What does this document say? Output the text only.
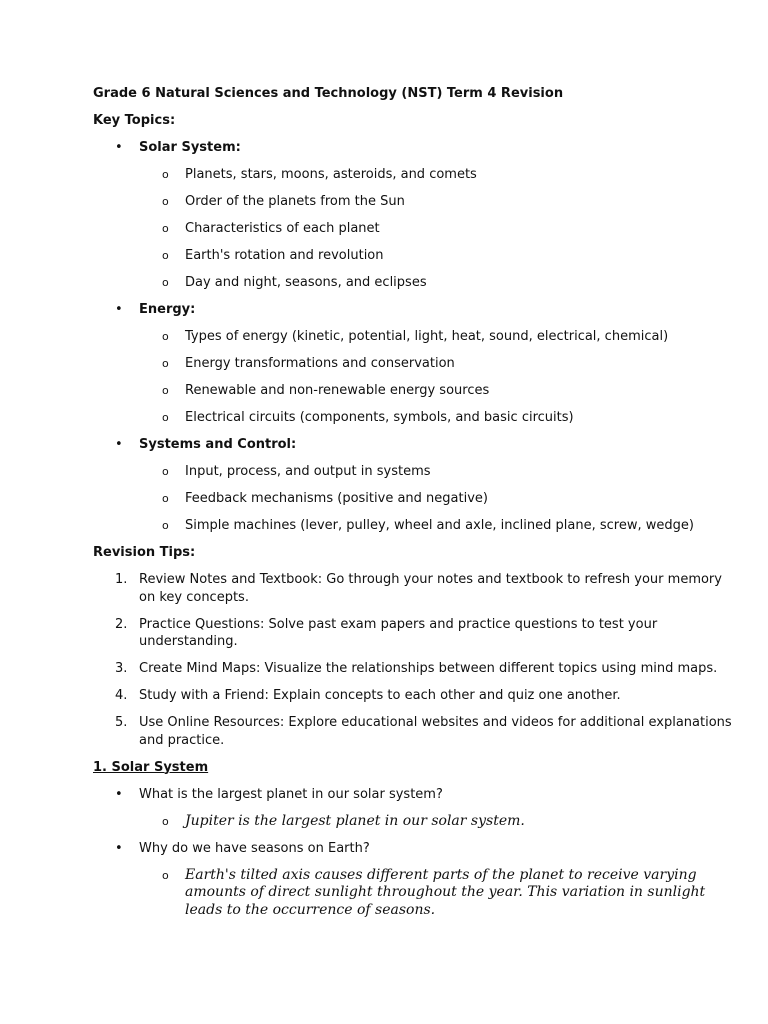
Grade 6 Natural Sciences and Technology (NST) Term 4 Revision
Key Topics:
• Solar System:
o Planets, stars, moons, asteroids, and comets
o Order of the planets from the Sun
o Characteristics of each planet
o Earth's rotation and revolution
o Day and night, seasons, and eclipses
• Energy:
o Types of energy (kinetic, potential, light, heat, sound, electrical, chemical)
o Energy transformations and conservation
o Renewable and non-renewable energy sources
o Electrical circuits (components, symbols, and basic circuits)
• Systems and Control:
o Input, process, and output in systems
o Feedback mechanisms (positive and negative)
o Simple machines (lever, pulley, wheel and axle, inclined plane, screw, wedge)
Revision Tips:
1. Review Notes and Textbook: Go through your notes and textbook to refresh your memory on key concepts.
2. Practice Questions: Solve past exam papers and practice questions to test your understanding.
3. Create Mind Maps: Visualize the relationships between different topics using mind maps.
4. Study with a Friend: Explain concepts to each other and quiz one another.
5. Use Online Resources: Explore educational websites and videos for additional explanations and practice.
1. Solar System
• What is the largest planet in our solar system?
o Jupiter is the largest planet in our solar system.
• Why do we have seasons on Earth?
o Earth's tilted axis causes different parts of the planet to receive varying amounts of direct sunlight throughout the year. This variation in sunlight leads to the occurrence of seasons.
